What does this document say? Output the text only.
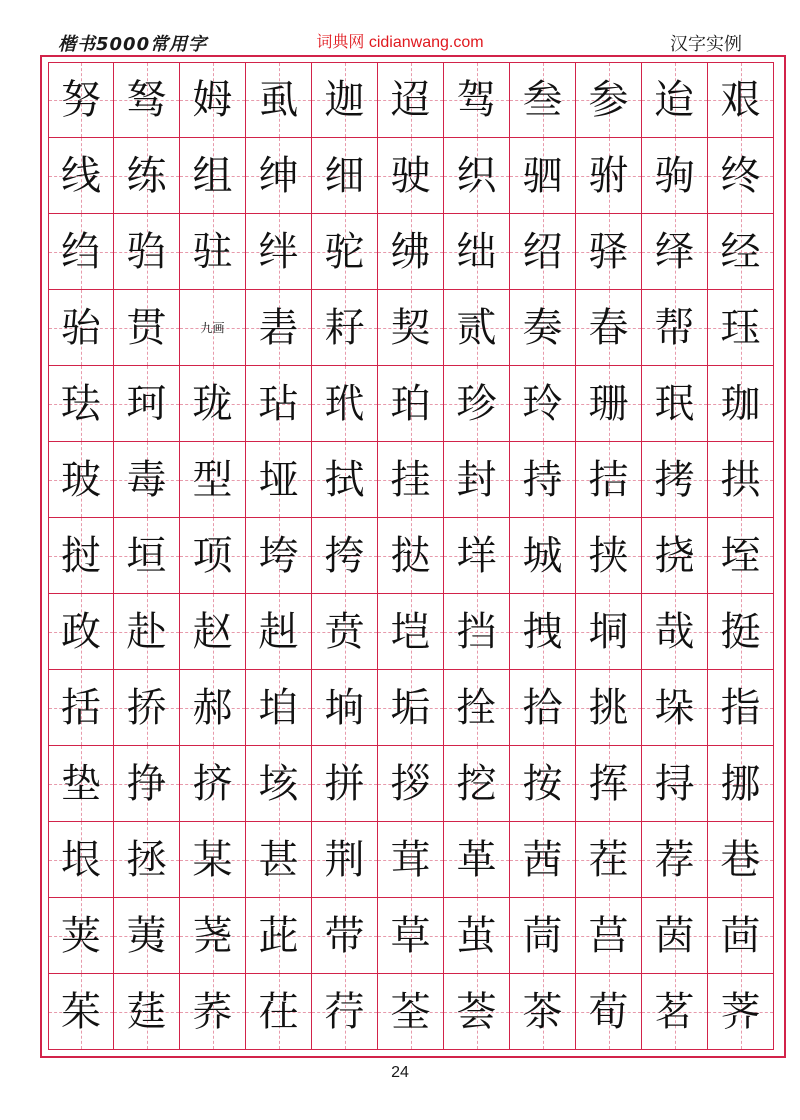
楷书5000常用字	词典网 cidianwang.com	汉字实例
努 驽 姆 虱 迦 迢 驾 叁 参 迨 艰
线 练 组 绅 细 驶 织 驷 驸 驹 终
绉 驺 驻 绊 驼 绋 绌 绍 驿 绎 经
骀 贯	九画 砉 耔 契 贰 奏 春 帮 珏
珐 珂 珑 玷 玳 珀 珍 玲 珊 珉 珈
玻 毒 型 垭 拭 挂 封 持 拮 拷 拱
挝 垣 项 垮 挎 挞 垟 城 挟 挠 垤
政 赴 赵 赳 贲 垲 挡 拽 垌 哉 挺
括 挢 郝 垍 垧 垢 拴 拾 挑 垛 指
垫 挣 挤 垓 拼 拶 挖 按 挥 挦 挪
垠 拯 某 甚 荆 茸 革 茜 茬 荐 巷
荚 荑 荛 茈 带 草 茧 茼 莒 茵 茴
茱 莛 荞 茌 荇 荃 荟 茶 荀 茗 荠
24
